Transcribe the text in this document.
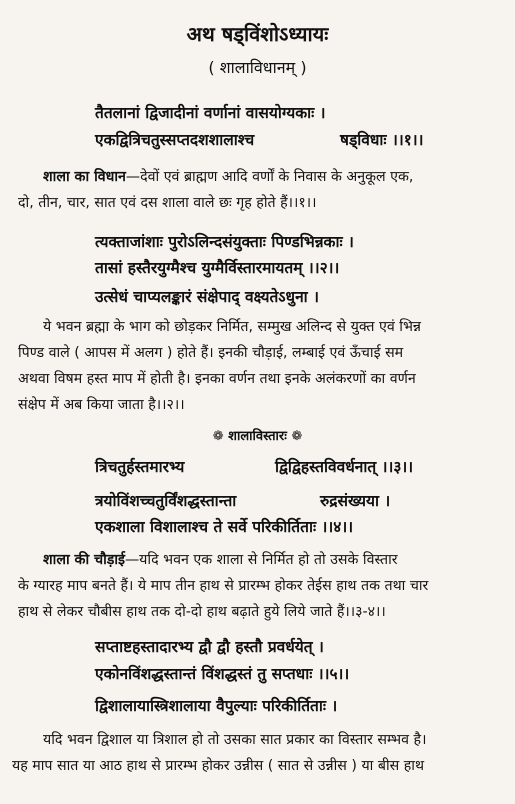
अथ षड्विंशोऽध्यायः
( शालाविधानम् )
तैतलानां द्विजादीनां वर्णानां वासयोग्यकाः ।
एकद्वित्रिचतुस्सप्तदशशालाश्च	षड्विधाः ।।१।।
शाला का विधान—देवों एवं ब्राह्मण आदि वर्णों के निवास के अनुकूल एक,
दो, तीन, चार, सात एवं दस शाला वाले छः गृह होते हैं।।१।।
त्यक्ताजांशाः पुरोऽलिन्दसंयुक्ताः पिण्डभिन्नकाः ।
तासां हस्तैरयुग्मैश्च युग्मैर्विस्तारमायतम् ।।२।।
उत्सेधं चाप्यलङ्कारं संक्षेपाद् वक्ष्यतेऽधुना ।
ये भवन ब्रह्मा के भाग को छोड़कर निर्मित, सम्मुख अलिन्द से युक्त एवं भिन्न
पिण्ड वाले ( आपस में अलग ) होते हैं। इनकी चौड़ाई, लम्बाई एवं ऊँचाई सम
अथवा विषम हस्त माप में होती है। इनका वर्णन तथा इनके अलंकरणों का वर्णन
संक्षेप में अब किया जाता है।।२।।
❁ शालाविस्तारः ❁
त्रिचतुर्हस्तमारभ्य	द्विद्विहस्तविवर्धनात् ।।३।।
त्रयोविंशच्चतुर्विंशद्धस्तान्ता	रुद्रसंख्यया ।
एकशाला विशालाश्च ते सर्वे परिकीर्तिताः ।।४।।
शाला की चौड़ाई—यदि भवन एक शाला से निर्मित हो तो उसके विस्तार
के ग्यारह माप बनते हैं। ये माप तीन हाथ से प्रारम्भ होकर तेईस हाथ तक तथा चार
हाथ से लेकर चौबीस हाथ तक दो-दो हाथ बढ़ाते हुये लिये जाते हैं।।३-४।।
सप्ताष्टहस्तादारभ्य द्वौ द्वौ हस्तौ प्रवर्धयेत् ।
एकोनविंशद्धस्तान्तं विंशद्धस्तं तु सप्तधाः ।।५।।
द्विशालायास्त्रिशालाया वैपुल्याः परिकीर्तिताः ।
यदि भवन द्विशाल या त्रिशाल हो तो उसका सात प्रकार का विस्तार सम्भव है।
यह माप सात या आठ हाथ से प्रारम्भ होकर उन्नीस ( सात से उन्नीस ) या बीस हाथ
